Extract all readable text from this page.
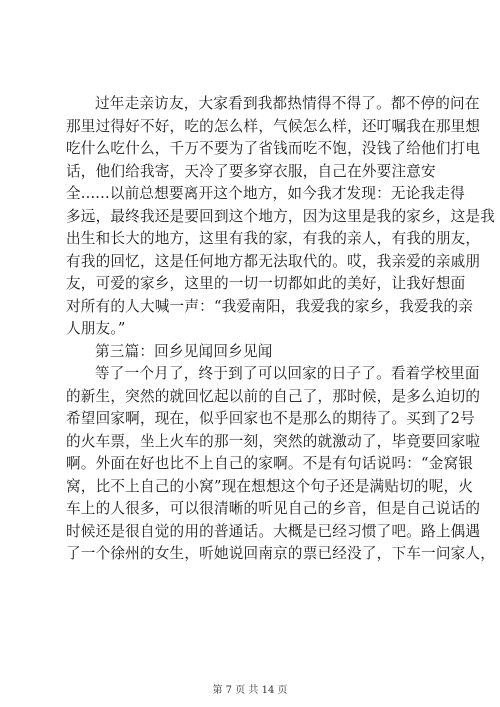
过年走亲访友，大家看到我都热情得不得了。都不停的问在
那里过得好不好，吃的怎么样，气候怎么样，还叮嘱我在那里想
吃什么吃什么，千万不要为了省钱而吃不饱，没钱了给他们打电
话，他们给我寄，天冷了要多穿衣服，自己在外要注意安
全......以前总想要离开这个地方，如今我才发现：无论我走得
多远，最终我还是要回到这个地方，因为这里是我的家乡，这是我
出生和长大的地方，这里有我的家，有我的亲人，有我的朋友，
有我的回忆，这是任何地方都无法取代的。哎，我亲爱的亲戚朋
友，可爱的家乡，这里的一切一切都如此的美好，让我好想面
对所有的人大喊一声：“我爱南阳，我爱我的家乡，我爱我的亲
人朋友。”
第三篇：回乡见闻回乡见闻
等了一个月了，终于到了可以回家的日子了。看着学校里面
的新生，突然的就回忆起以前的自己了，那时候，是多么迫切的
希望回家啊，现在，似乎回家也不是那么的期待了。买到了2号
的火车票，坐上火车的那一刻，突然的就激动了，毕竟要回家啦
啊。外面在好也比不上自己的家啊。不是有句话说吗：“金窝银
窝，比不上自己的小窝”现在想想这个句子还是满贴切的呢，火
车上的人很多，可以很清晰的听见自己的乡音，但是自己说话的
时候还是很自觉的用的普通话。大概是已经习惯了吧。路上偶遇
了一个徐州的女生，听她说回南京的票已经没了，下车一问家人，
第 7 页 共 14 页
